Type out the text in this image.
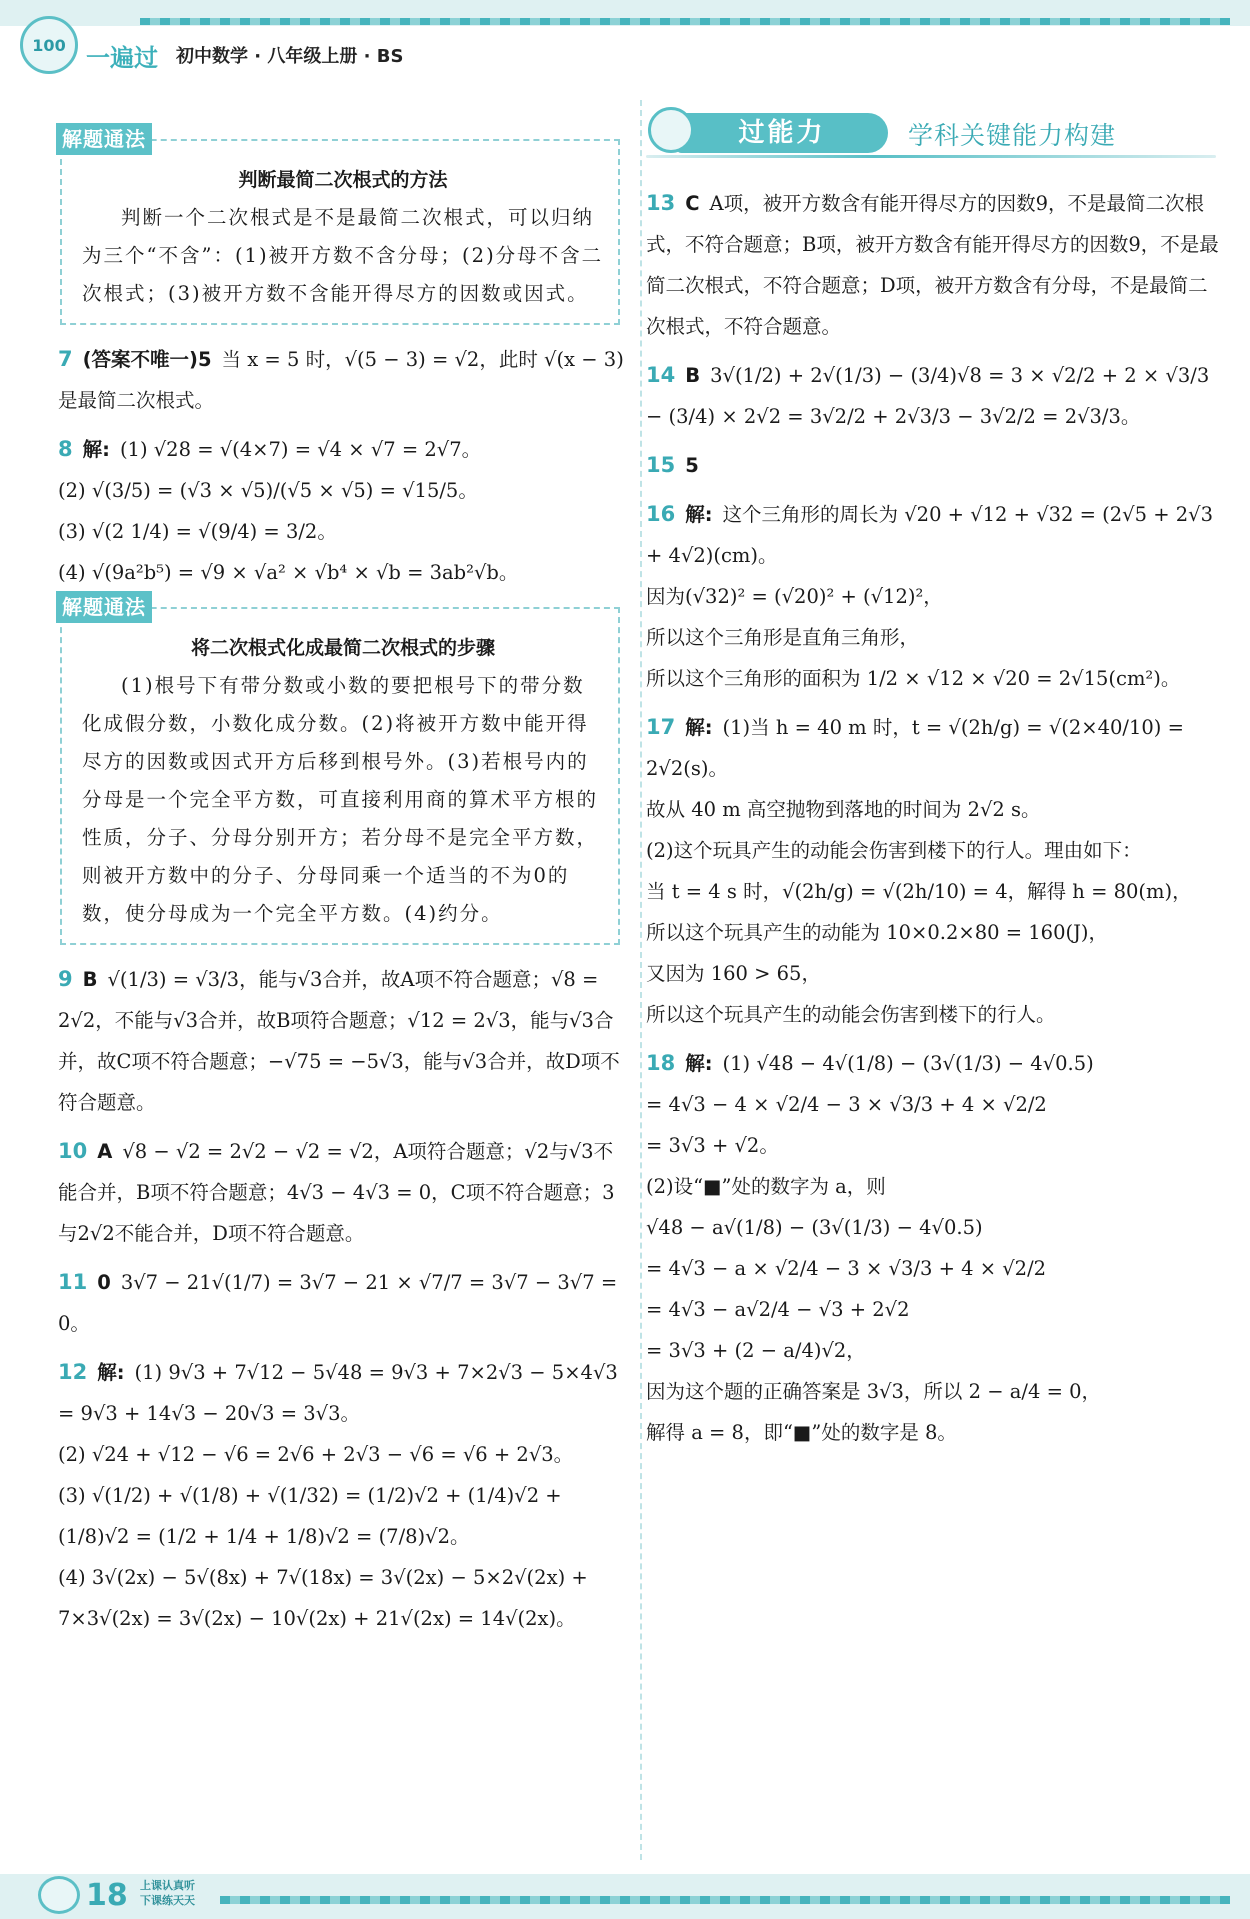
100 一遍过 初中数学 · 八年级上册 · BS
解题通法
判断最简二次根式的方法

判断一个二次根式是不是最简二次根式，可以归纳为三个“不含”：(1)被开方数不含分母；(2)分母不含二次根式；(3)被开方数不含能开得尽方的因数或因式。

7 (答案不唯一)5 当 x = 5 时，√(5 − 3) = √2，此时 √(x − 3) 是最简二次根式。

8 解: (1) √28 = √(4×7) = √4 × √7 = 2√7。

(2) √(3/5) = (√3 × √5)/(√5 × √5) = √15/5。

(3) √(2 1/4) = √(9/4) = 3/2。

(4) √(9a²b⁵) = √9 × √a² × √b⁴ × √b = 3ab²√b。

解题通法
将二次根式化成最简二次根式的步骤

(1)根号下有带分数或小数的要把根号下的带分数化成假分数，小数化成分数。(2)将被开方数中能开得尽方的因数或因式开方后移到根号外。(3)若根号内的分母是一个完全平方数，可直接利用商的算术平方根的性质，分子、分母分别开方；若分母不是完全平方数，则被开方数中的分子、分母同乘一个适当的不为0的数，使分母成为一个完全平方数。(4)约分。

9 B √(1/3) = √3/3，能与√3合并，故A项不符合题意；√8 = 2√2，不能与√3合并，故B项符合题意；√12 = 2√3，能与√3合并，故C项不符合题意；−√75 = −5√3，能与√3合并，故D项不符合题意。

10 A √8 − √2 = 2√2 − √2 = √2，A项符合题意；√2与√3不能合并，B项不符合题意；4√3 − 4√3 = 0，C项不符合题意；3与2√2不能合并，D项不符合题意。

11 0 3√7 − 21√(1/7) = 3√7 − 21 × √7/7 = 3√7 − 3√7 = 0。

12 解: (1) 9√3 + 7√12 − 5√48 = 9√3 + 7×2√3 − 5×4√3 = 9√3 + 14√3 − 20√3 = 3√3。

(2) √24 + √12 − √6 = 2√6 + 2√3 − √6 = √6 + 2√3。

(3) √(1/2) + √(1/8) + √(1/32) = (1/2)√2 + (1/4)√2 + (1/8)√2 = (1/2 + 1/4 + 1/8)√2 = (7/8)√2。

(4) 3√(2x) − 5√(8x) + 7√(18x) = 3√(2x) − 5×2√(2x) + 7×3√(2x) = 3√(2x) − 10√(2x) + 21√(2x) = 14√(2x)。

过能力	学科关键能力构建

13 C A项，被开方数含有能开得尽方的因数9，不是最简二次根式，不符合题意；B项，被开方数含有能开得尽方的因数9，不是最简二次根式，不符合题意；D项，被开方数含有分母，不是最简二次根式，不符合题意。

14 B 3√(1/2) + 2√(1/3) − (3/4)√8 = 3 × √2/2 + 2 × √3/3 − (3/4) × 2√2 = 3√2/2 + 2√3/3 − 3√2/2 = 2√3/3。

15 5

16 解: 这个三角形的周长为 √20 + √12 + √32 = (2√5 + 2√3 + 4√2)(cm)。

因为(√32)² = (√20)² + (√12)²，

所以这个三角形是直角三角形，

所以这个三角形的面积为 1/2 × √12 × √20 = 2√15(cm²)。

17 解: (1)当 h = 40 m 时，t = √(2h/g) = √(2×40/10) = 2√2(s)。

故从 40 m 高空抛物到落地的时间为 2√2 s。

(2)这个玩具产生的动能会伤害到楼下的行人。理由如下：

当 t = 4 s 时，√(2h/g) = √(2h/10) = 4，解得 h = 80(m)，

所以这个玩具产生的动能为 10×0.2×80 = 160(J)，

又因为 160 > 65，

所以这个玩具产生的动能会伤害到楼下的行人。

18 解: (1) √48 − 4√(1/8) − (3√(1/3) − 4√0.5)

= 4√3 − 4 × √2/4 − 3 × √3/3 + 4 × √2/2

= 3√3 + √2。

(2)设“■”处的数字为 a，则

√48 − a√(1/8) − (3√(1/3) − 4√0.5)

= 4√3 − a × √2/4 − 3 × √3/3 + 4 × √2/2

= 4√3 − a√2/4 − √3 + 2√2

= 3√3 + (2 − a/4)√2，

因为这个题的正确答案是 3√3，所以 2 − a/4 = 0，

解得 a = 8，即“■”处的数字是 8。

18 上课认真听
下课练天天
